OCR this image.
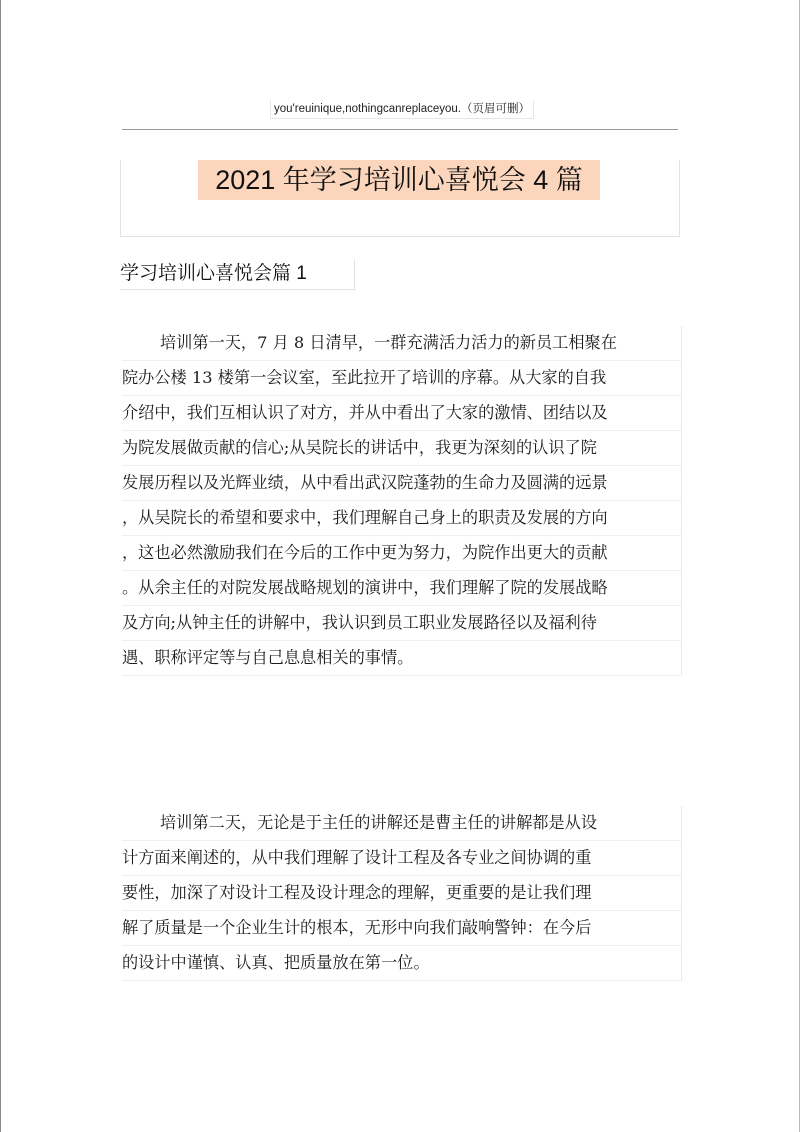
you'reuinique,nothingcanreplaceyou.（页眉可删）
2021 年学习培训心喜悦会 4 篇
学习培训心喜悦会篇 1
培训第一天，7 月 8 日清早，一群充满活力活力的新员工相聚在
院办公楼 13 楼第一会议室，至此拉开了培训的序幕。从大家的自我
介绍中，我们互相认识了对方，并从中看出了大家的激情、团结以及
为院发展做贡献的信心;从吴院长的讲话中，我更为深刻的认识了院
发展历程以及光辉业绩，从中看出武汉院蓬勃的生命力及圆满的远景
，从吴院长的希望和要求中，我们理解自己身上的职责及发展的方向
，这也必然激励我们在今后的工作中更为努力，为院作出更大的贡献
。从余主任的对院发展战略规划的演讲中，我们理解了院的发展战略
及方向;从钟主任的讲解中，我认识到员工职业发展路径以及福利待
遇、职称评定等与自己息息相关的事情。
培训第二天，无论是于主任的讲解还是曹主任的讲解都是从设
计方面来阐述的，从中我们理解了设计工程及各专业之间协调的重
要性，加深了对设计工程及设计理念的理解，更重要的是让我们理
解了质量是一个企业生计的根本，无形中向我们敲响警钟：在今后
的设计中谨慎、认真、把质量放在第一位。
